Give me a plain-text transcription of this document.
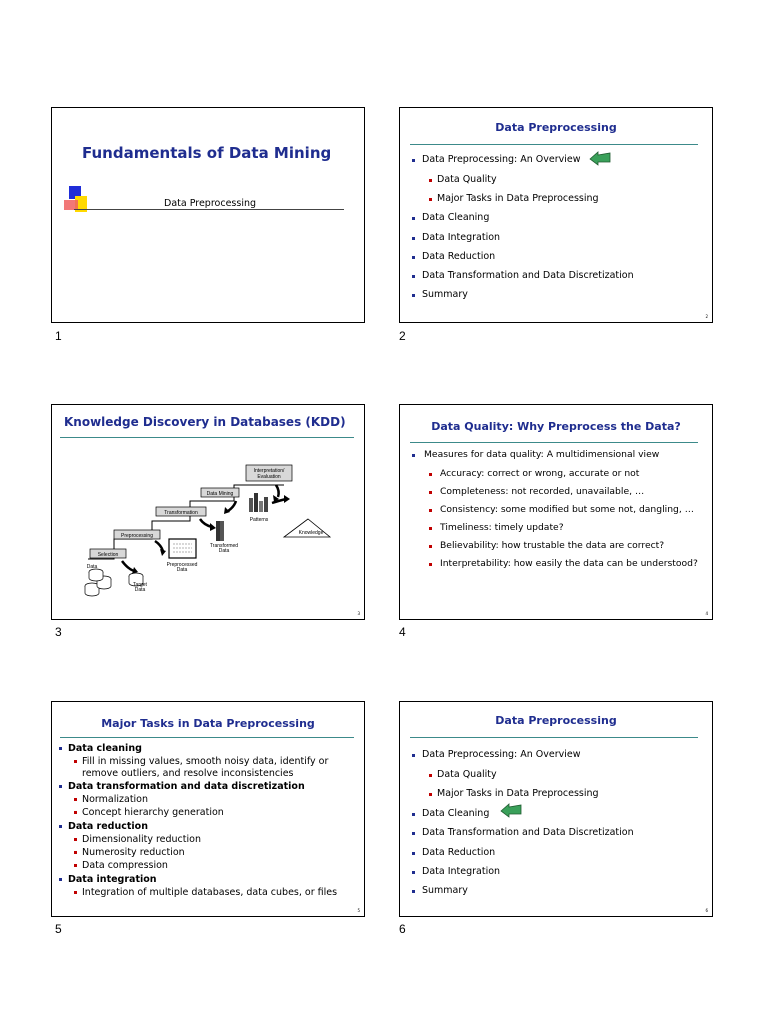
Fundamentals of Data Mining
Data Preprocessing
1
Data Preprocessing
Data Preprocessing: An Overview
Data Quality
Major Tasks in Data Preprocessing
Data Cleaning
Data Integration
Data Reduction
Data Transformation and Data Discretization
Summary
2
2
Knowledge Discovery in Databases (KDD)
Interpretation/
Evaluation
Knowledge
Data Mining
Patterns
Transformation
Transformed
Data
Preprocessing
Preprocessed
Data
Selection
Data
Target
Data
3
3
Data Quality: Why Preprocess the Data?
Measures for data quality: A multidimensional view
Accuracy: correct or wrong, accurate or not
Completeness: not recorded, unavailable, …
Consistency: some modified but some not, dangling, …
Timeliness: timely update?
Believability: how trustable the data are correct?
Interpretability: how easily the data can be understood?
4
4
Major Tasks in Data Preprocessing
Data cleaning
Fill in missing values, smooth noisy data, identify or remove outliers, and resolve inconsistencies
Data transformation and data discretization
Normalization
Concept hierarchy generation
Data reduction
Dimensionality reduction
Numerosity reduction
Data compression
Data integration
Integration of multiple databases, data cubes, or files
5
5
Data Preprocessing
Data Preprocessing: An Overview
Data Quality
Major Tasks in Data Preprocessing
Data Cleaning
Data Transformation and Data Discretization
Data Reduction
Data Integration
Summary
6
6
